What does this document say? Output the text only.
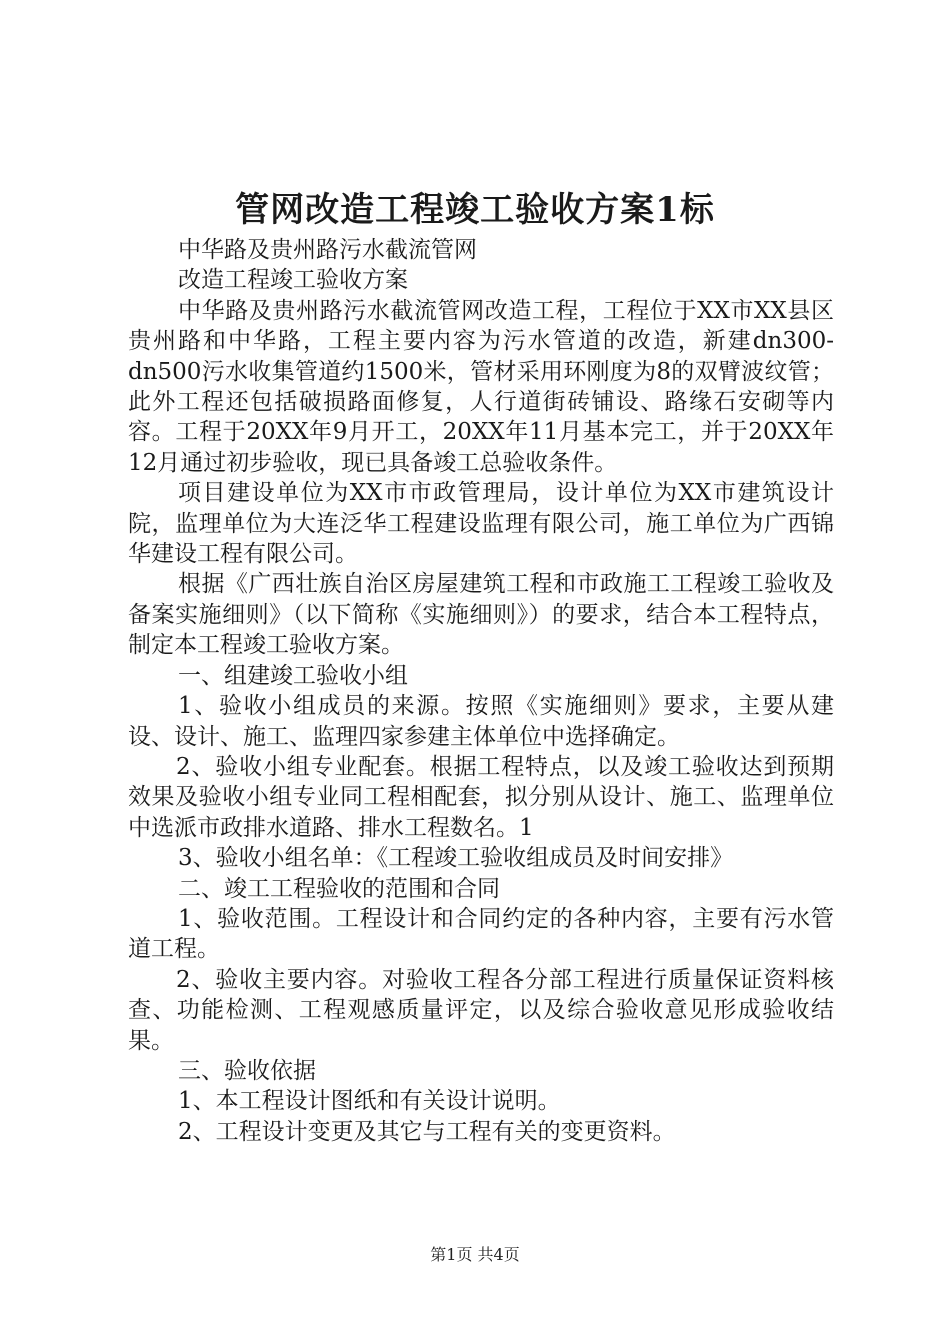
管网改造工程竣工验收方案1标

中华路及贵州路污水截流管网

改造工程竣工验收方案

中华路及贵州路污水截流管网改造工程，工程位于XX市XX县区贵州路和中华路，工程主要内容为污水管道的改造，新建dn300-dn500污水收集管道约1500米，管材采用环刚度为8的双臂波纹管；此外工程还包括破损路面修复，人行道街砖铺设、路缘石安砌等内容。工程于20XX年9月开工，20XX年11月基本完工，并于20XX年12月通过初步验收，现已具备竣工总验收条件。

项目建设单位为XX市市政管理局，设计单位为XX市建筑设计院，监理单位为大连泛华工程建设监理有限公司，施工单位为广西锦华建设工程有限公司。

根据《广西壮族自治区房屋建筑工程和市政施工工程竣工验收及备案实施细则》（以下简称《实施细则》）的要求，结合本工程特点，制定本工程竣工验收方案。

一、组建竣工验收小组

1、验收小组成员的来源。按照《实施细则》要求，主要从建设、设计、施工、监理四家参建主体单位中选择确定。

2、验收小组专业配套。根据工程特点，以及竣工验收达到预期效果及验收小组专业同工程相配套，拟分别从设计、施工、监理单位中选派市政排水道路、排水工程数名。1

3、验收小组名单：《工程竣工验收组成员及时间安排》

二、竣工工程验收的范围和合同

1、验收范围。工程设计和合同约定的各种内容，主要有污水管道工程。

2、验收主要内容。对验收工程各分部工程进行质量保证资料核查、功能检测、工程观感质量评定，以及综合验收意见形成验收结果。

三、验收依据

1、本工程设计图纸和有关设计说明。

2、工程设计变更及其它与工程有关的变更资料。

第1页 共4页
